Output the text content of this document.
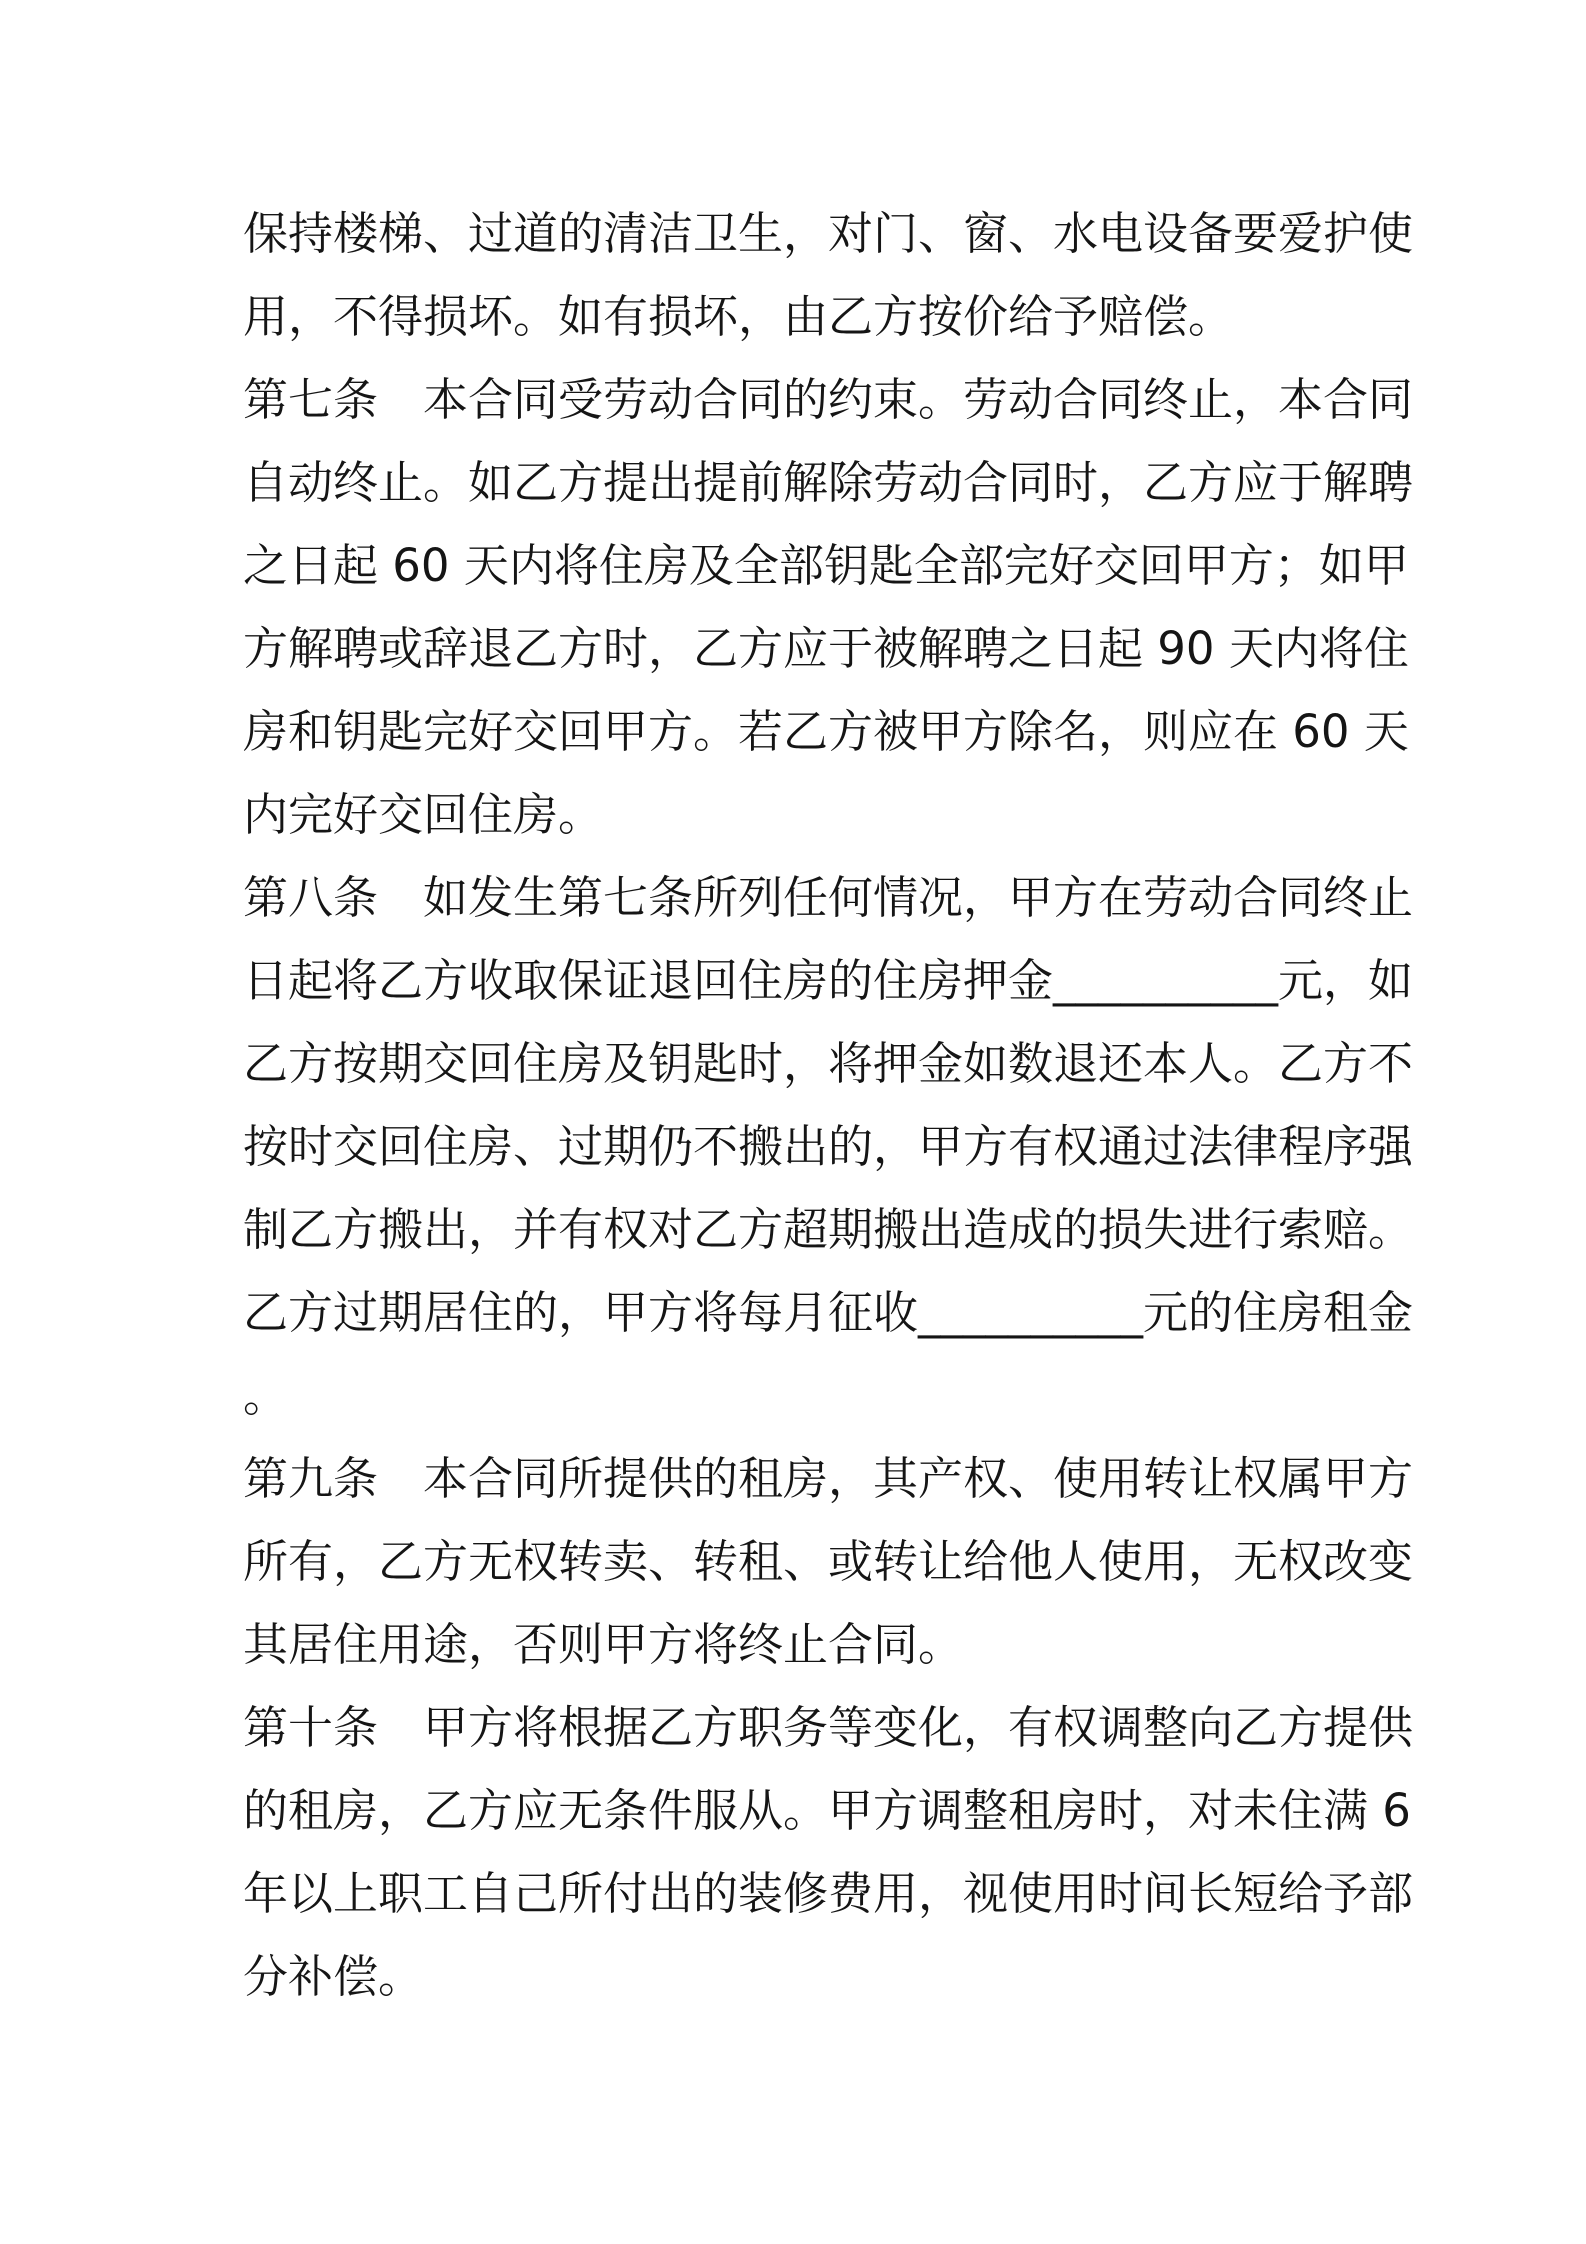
保持楼梯、过道的清洁卫生，对门、窗、水电设备要爱护使
用，不得损坏。如有损坏，由乙方按价给予赔偿。
第七条　本合同受劳动合同的约束。劳动合同终止，本合同
自动终止。如乙方提出提前解除劳动合同时，乙方应于解聘
之日起 60 天内将住房及全部钥匙全部完好交回甲方；如甲
方解聘或辞退乙方时，乙方应于被解聘之日起 90 天内将住
房和钥匙完好交回甲方。若乙方被甲方除名，则应在 60 天
内完好交回住房。
第八条　如发生第七条所列任何情况，甲方在劳动合同终止
日起将乙方收取保证退回住房的住房押金__________元，如
乙方按期交回住房及钥匙时，将押金如数退还本人。乙方不
按时交回住房、过期仍不搬出的，甲方有权通过法律程序强
制乙方搬出，并有权对乙方超期搬出造成的损失进行索赔。
乙方过期居住的，甲方将每月征收__________元的住房租金
。
第九条　本合同所提供的租房，其产权、使用转让权属甲方
所有，乙方无权转卖、转租、或转让给他人使用，无权改变
其居住用途，否则甲方将终止合同。
第十条　甲方将根据乙方职务等变化，有权调整向乙方提供
的租房，乙方应无条件服从。甲方调整租房时，对未住满 6
年以上职工自己所付出的装修费用，视使用时间长短给予部
分补偿。
